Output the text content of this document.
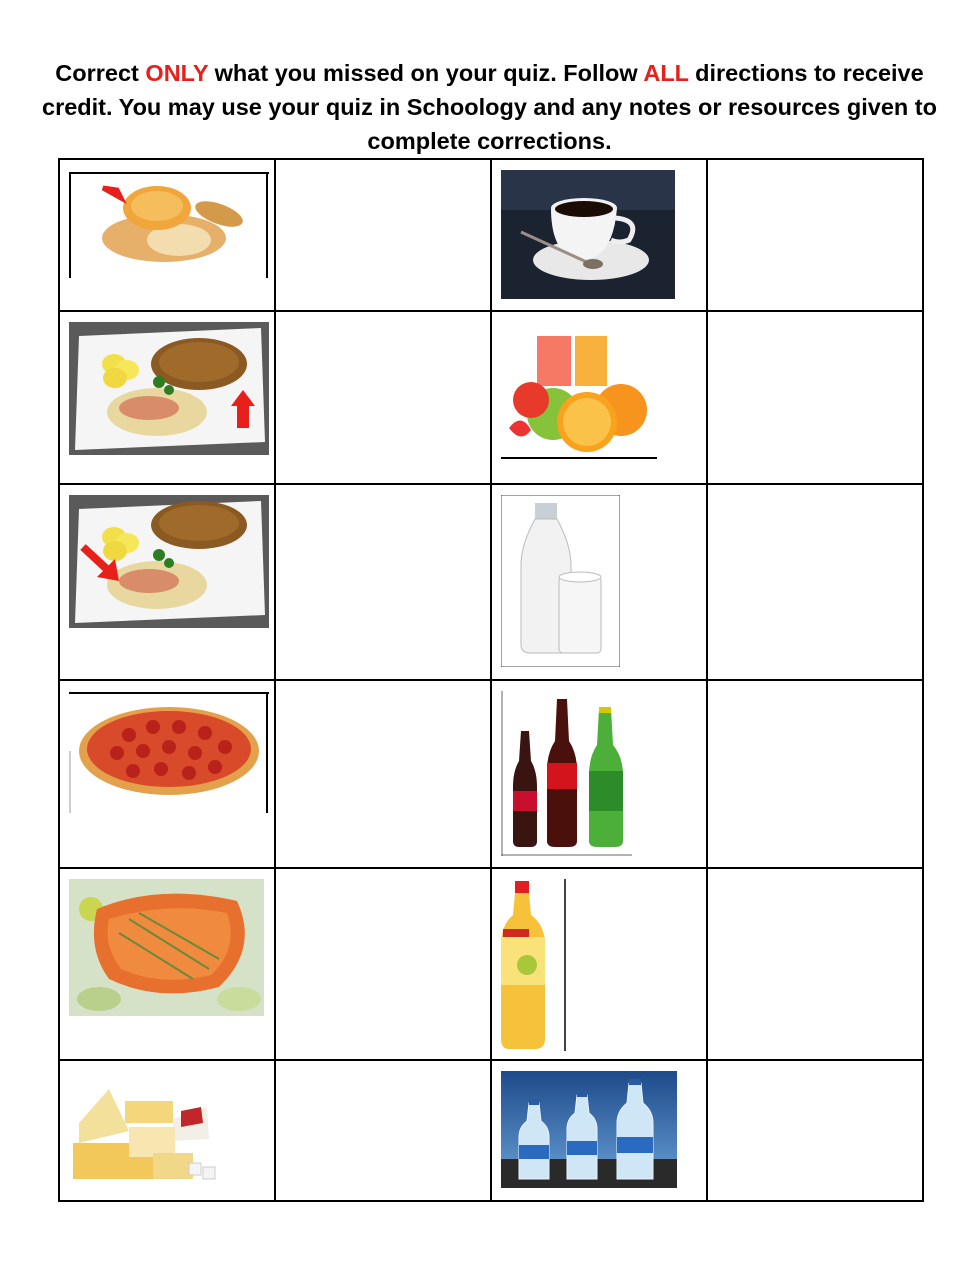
Correct ONLY what you missed on your quiz. Follow ALL directions to receive credit. You may use your quiz in Schoology and any notes or resources given to complete corrections.
